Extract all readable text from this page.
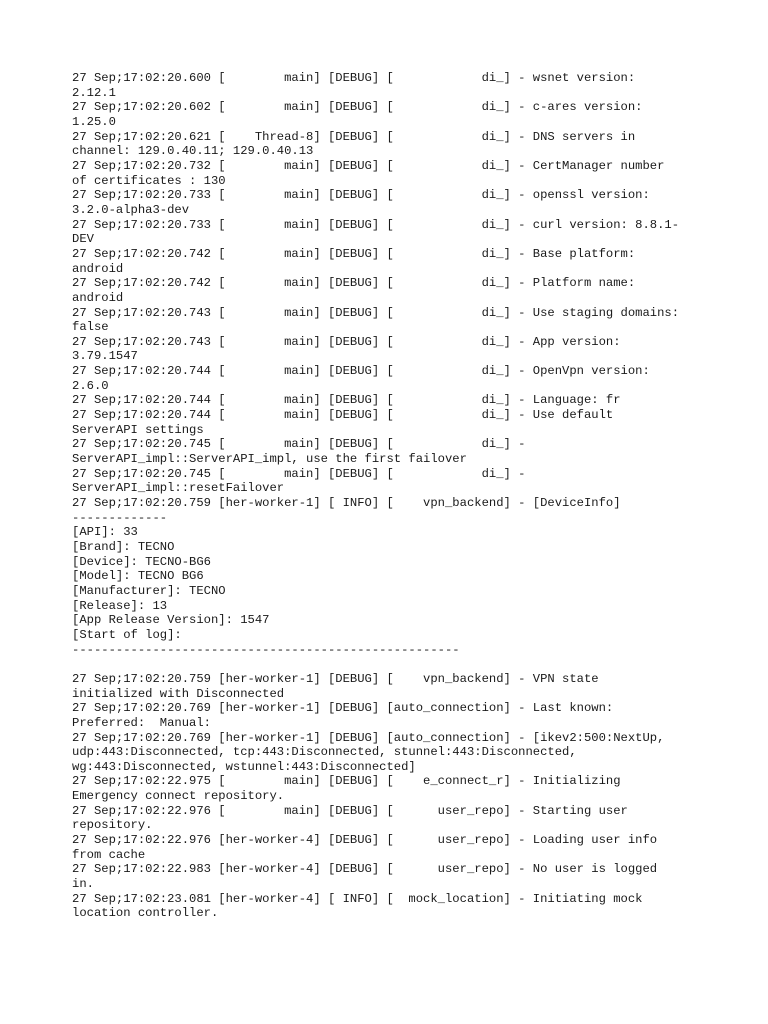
27 Sep;17:02:20.600 [        main] [DEBUG] [            di_] - wsnet version:
2.12.1
27 Sep;17:02:20.602 [        main] [DEBUG] [            di_] - c-ares version:
1.25.0
27 Sep;17:02:20.621 [    Thread-8] [DEBUG] [            di_] - DNS servers in
channel: 129.0.40.11; 129.0.40.13
27 Sep;17:02:20.732 [        main] [DEBUG] [            di_] - CertManager number
of certificates : 130
27 Sep;17:02:20.733 [        main] [DEBUG] [            di_] - openssl version:
3.2.0-alpha3-dev
27 Sep;17:02:20.733 [        main] [DEBUG] [            di_] - curl version: 8.8.1-
DEV
27 Sep;17:02:20.742 [        main] [DEBUG] [            di_] - Base platform:
android
27 Sep;17:02:20.742 [        main] [DEBUG] [            di_] - Platform name:
android
27 Sep;17:02:20.743 [        main] [DEBUG] [            di_] - Use staging domains:
false
27 Sep;17:02:20.743 [        main] [DEBUG] [            di_] - App version:
3.79.1547
27 Sep;17:02:20.744 [        main] [DEBUG] [            di_] - OpenVpn version:
2.6.0
27 Sep;17:02:20.744 [        main] [DEBUG] [            di_] - Language: fr
27 Sep;17:02:20.744 [        main] [DEBUG] [            di_] - Use default
ServerAPI settings
27 Sep;17:02:20.745 [        main] [DEBUG] [            di_] -
ServerAPI_impl::ServerAPI_impl, use the first failover
27 Sep;17:02:20.745 [        main] [DEBUG] [            di_] -
ServerAPI_impl::resetFailover
27 Sep;17:02:20.759 [her-worker-1] [ INFO] [    vpn_backend] - [DeviceInfo]
-------------
[API]: 33
[Brand]: TECNO
[Device]: TECNO-BG6
[Model]: TECNO BG6
[Manufacturer]: TECNO
[Release]: 13
[App Release Version]: 1547
[Start of log]:
-----------------------------------------------------
27 Sep;17:02:20.759 [her-worker-1] [DEBUG] [    vpn_backend] - VPN state
initialized with Disconnected
27 Sep;17:02:20.769 [her-worker-1] [DEBUG] [auto_connection] - Last known:
Preferred:  Manual:
27 Sep;17:02:20.769 [her-worker-1] [DEBUG] [auto_connection] - [ikev2:500:NextUp,
udp:443:Disconnected, tcp:443:Disconnected, stunnel:443:Disconnected,
wg:443:Disconnected, wstunnel:443:Disconnected]
27 Sep;17:02:22.975 [        main] [DEBUG] [    e_connect_r] - Initializing
Emergency connect repository.
27 Sep;17:02:22.976 [        main] [DEBUG] [      user_repo] - Starting user
repository.
27 Sep;17:02:22.976 [her-worker-4] [DEBUG] [      user_repo] - Loading user info
from cache
27 Sep;17:02:22.983 [her-worker-4] [DEBUG] [      user_repo] - No user is logged
in.
27 Sep;17:02:23.081 [her-worker-4] [ INFO] [  mock_location] - Initiating mock
location controller.
